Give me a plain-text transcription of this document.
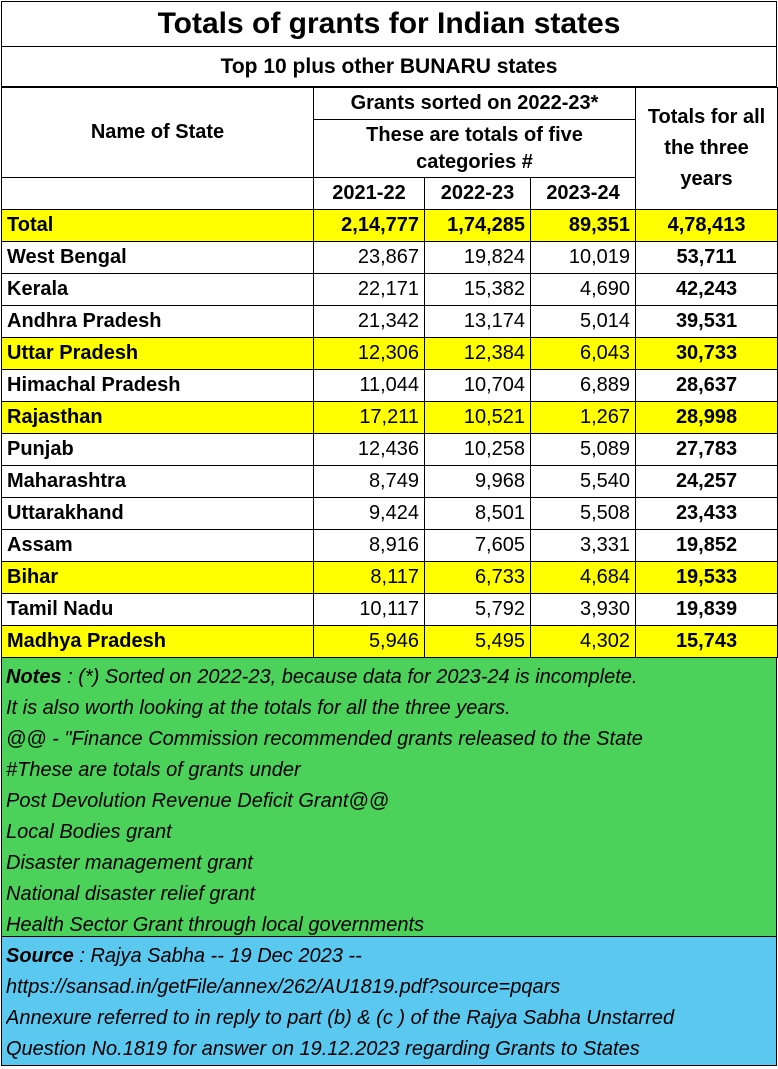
Totals of grants for Indian states
Top 10 plus other BUNARU states
Name of State	Grants sorted on 2022-23*			Totals for all the three years
	These are totals of five			
	categories #			
	2021-22	2022-23	2023-24	
Total	2,14,777	1,74,285	89,351	4,78,413
West Bengal	23,867	19,824	10,019	53,711
Kerala	22,171	15,382	4,690	42,243
Andhra Pradesh	21,342	13,174	5,014	39,531
Uttar Pradesh	12,306	12,384	6,043	30,733
Himachal Pradesh	11,044	10,704	6,889	28,637
Rajasthan	17,211	10,521	1,267	28,998
Punjab	12,436	10,258	5,089	27,783
Maharashtra	8,749	9,968	5,540	24,257
Uttarakhand	9,424	8,501	5,508	23,433
Assam	8,916	7,605	3,331	19,852
Bihar	8,117	6,733	4,684	19,533
Tamil Nadu	10,117	5,792	3,930	19,839
Madhya Pradesh	5,946	5,495	4,302	15,743
Notes : (*) Sorted on 2022-23, because data for 2023-24 is incomplete.
It is also worth looking at the totals for all the three years.
@@ - "Finance Commission recommended grants released to the State
#These are totals of grants under
Post Devolution Revenue Deficit Grant@@
Local Bodies grant
Disaster management grant
National disaster relief grant
Health Sector Grant through local governments
Source : Rajya Sabha -- 19 Dec 2023 --
https://sansad.in/getFile/annex/262/AU1819.pdf?source=pqars
Annexure referred to in reply to part (b) & (c ) of the Rajya Sabha Unstarred
Question No.1819 for answer on 19.12.2023 regarding Grants to States
